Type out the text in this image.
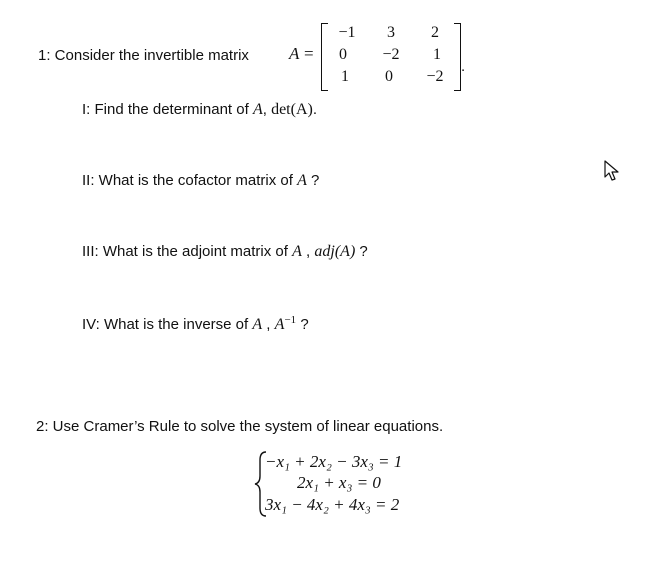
1: Consider the invertible matrix A =
−1	3	2
0	−2	1
1	0	−2
.
I: Find the determinant of A, det(A).
II: What is the cofactor matrix of A ?
III: What is the adjoint matrix of A , adj(A) ?
IV: What is the inverse of A , $A^{-1}$ ?
2: Use Cramer’s Rule to solve the system of linear equations.
−x₁ + 2x₂ − 3x₃ = 1
2x₁ + x₃ = 0
3x₁ − 4x₂ + 4x₃ = 2
